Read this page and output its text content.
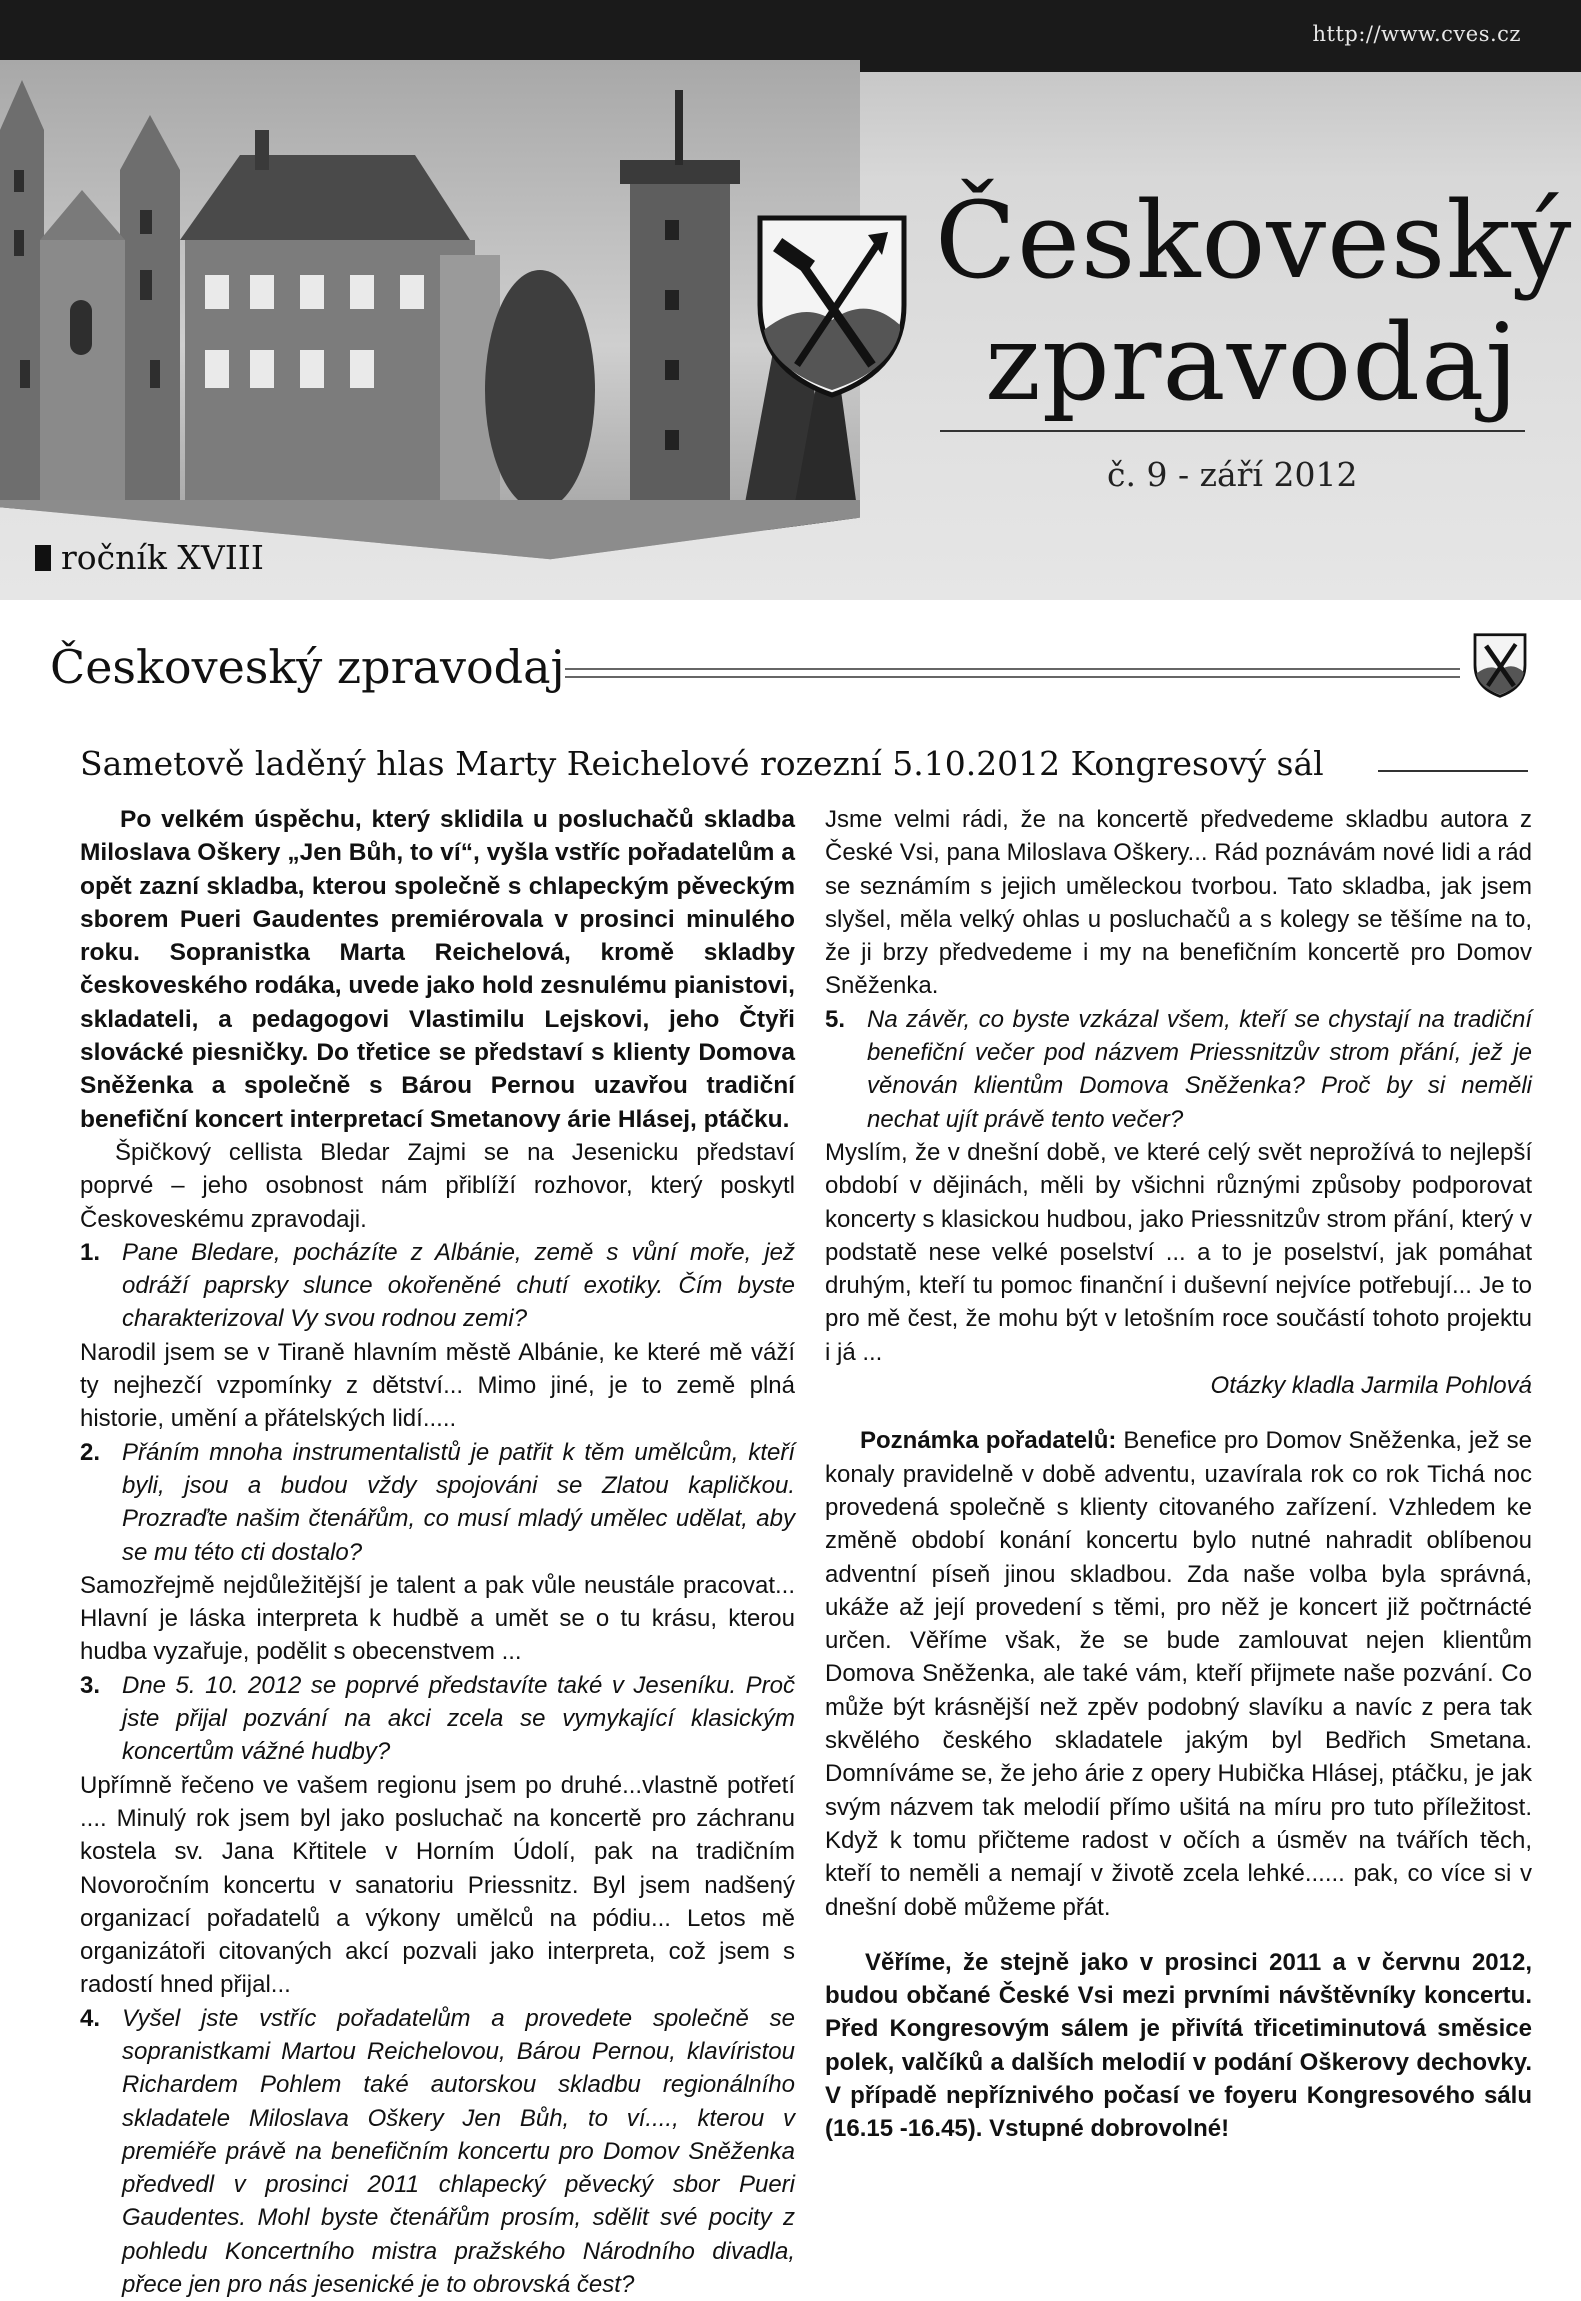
http://www.cves.cz
Českoveský
zpravodaj
č. 9 - září 2012
ročník XVIII
Českoveský zpravodaj
Sametově laděný hlas Marty Reichelové rozezní 5.10.2012 Kongresový sál

Po velkém úspěchu, který sklidila u posluchačů skladba Miloslava Oškery „Jen Bůh, to ví“, vyšla vstříc pořadatelům a opět zazní skladba, kterou společně s chlapeckým pěveckým sborem Pueri Gaudentes premiérovala v prosinci minulého roku. Sopranistka Marta Reichelová, kromě skladby českoveského rodáka, uvede jako hold zesnulému pianistovi, skladateli, a pedagogovi Vlastimilu Lejskovi, jeho Čtyři slovácké piesničky. Do třetice se představí s klienty Domova Sněženka a společně s Bárou Pernou uzavřou tradiční benefiční koncert interpretací Smetanovy árie Hlásej, ptáčku.

Špičkový cellista Bledar Zajmi se na Jesenicku představí poprvé – jeho osobnost nám přiblíží rozhovor, který poskytl Českoveskému zpravodaji.

1. Pane Bledare, pocházíte z Albánie, země s vůní moře, jež odráží paprsky slunce okořeněné chutí exotiky. Čím byste charakterizoval Vy svou rodnou zemi?

Narodil jsem se v Tiraně hlavním městě Albánie, ke které mě váží ty nejhezčí vzpomínky z dětství... Mimo jiné, je to země plná historie, umění a přátelských lidí.....

2. Přáním mnoha instrumentalistů je patřit k těm umělcům, kteří byli, jsou a budou vždy spojováni se Zlatou kapličkou. Prozraďte našim čtenářům, co musí mladý umělec udělat, aby se mu této cti dostalo?

Samozřejmě nejdůležitější je talent a pak vůle neustále pracovat... Hlavní je láska interpreta k hudbě a umět se o tu krásu, kterou hudba vyzařuje, podělit s obecenstvem ...

3. Dne 5. 10. 2012 se poprvé představíte také v Jeseníku. Proč jste přijal pozvání na akci zcela se vymykající klasickým koncertům vážné hudby?

Upřímně řečeno ve vašem regionu jsem po druhé...vlastně potřetí .... Minulý rok jsem byl jako posluchač na koncertě pro záchranu kostela sv. Jana Křtitele v Horním Údolí, pak na tradičním Novoročním koncertu v sanatoriu Priessnitz. Byl jsem nadšený organizací pořadatelů a výkony umělců na pódiu... Letos mě organizátoři citovaných akcí pozvali jako interpreta, což jsem s radostí hned přijal...

4. Vyšel jste vstříc pořadatelům a provedete společně se sopranistkami Martou Reichelovou, Bárou Pernou, klavíristou Richardem Pohlem také autorskou skladbu regionálního skladatele Miloslava Oškery Jen Bůh, to ví...., kterou v premiéře právě na benefičním koncertu pro Domov Sněženka předvedl v prosinci 2011 chlapecký pěvecký sbor Pueri Gaudentes. Mohl byste čtenářům prosím, sdělit své pocity z pohledu Koncertního mistra pražského Národního divadla, přece jen pro nás jesenické je to obrovská čest?

Jsme velmi rádi, že na koncertě předvedeme skladbu autora z České Vsi, pana Miloslava Oškery... Rád poznávám nové lidi a rád se seznámím s jejich uměleckou tvorbou. Tato skladba, jak jsem slyšel, měla velký ohlas u posluchačů a s kolegy se těšíme na to, že ji brzy předvedeme i my na benefičním koncertě pro Domov Sněženka.

5. Na závěr, co byste vzkázal všem, kteří se chystají na tradiční benefiční večer pod názvem Priessnitzův strom přání, jež je věnován klientům Domova Sněženka? Proč by si neměli nechat ujít právě tento večer?

Myslím, že v dnešní době, ve které celý svět neprožívá to nejlepší období v dějinách, měli by všichni různými způsoby podporovat koncerty s klasickou hudbou, jako Priessnitzův strom přání, který v podstatě nese velké poselství ... a to je poselství, jak pomáhat druhým, kteří tu pomoc finanční i duševní nejvíce potřebují... Je to pro mě čest, že mohu být v letošním roce součástí tohoto projektu i já ...

Otázky kladla Jarmila Pohlová

Poznámka pořadatelů: Benefice pro Domov Sněženka, jež se konaly pravidelně v době adventu, uzavírala rok co rok Tichá noc provedená společně s klienty citovaného zařízení. Vzhledem ke změně období konání koncertu bylo nutné nahradit oblíbenou adventní píseň jinou skladbou. Zda naše volba byla správná, ukáže až její provedení s těmi, pro něž je koncert již počtrnácté určen. Věříme však, že se bude zamlouvat nejen klientům Domova Sněženka, ale také vám, kteří přijmete naše pozvání. Co může být krásnější než zpěv podobný slavíku a navíc z pera tak skvělého českého skladatele jakým byl Bedřich Smetana. Domníváme se, že jeho árie z opery Hubička Hlásej, ptáčku, je jak svým názvem tak melodií přímo ušitá na míru pro tuto příležitost. Když k tomu přičteme radost v očích a úsměv na tvářích těch, kteří to neměli a nemají v životě zcela lehké...... pak, co více si v dnešní době můžeme přát.

Věříme, že stejně jako v prosinci 2011 a v červnu 2012, budou občané České Vsi mezi prvními návštěvníky koncertu. Před Kongresovým sálem je přivítá třicetiminutová směsice polek, valčíků a dalších melodií v podání Oškerovy dechovky. V případě nepříznivého počasí ve foyeru Kongresového sálu (16.15 -16.45). Vstupné dobrovolné!
